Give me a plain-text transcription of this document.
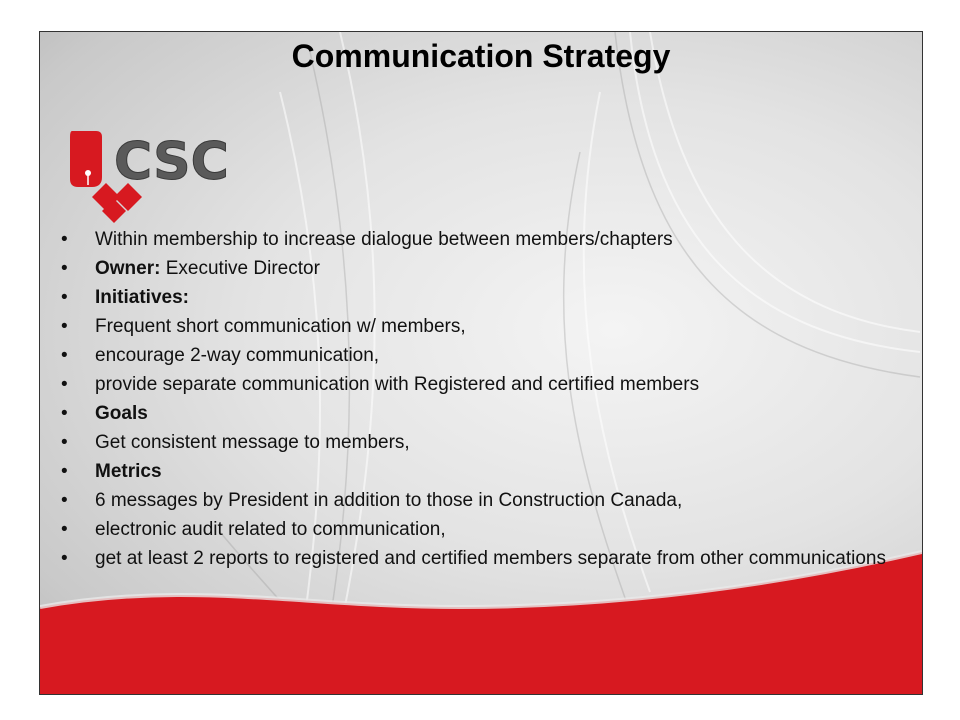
Communication Strategy
CSC
• Within membership to increase dialogue between members/chapters
• Owner: Executive Director
• Initiatives:
• Frequent short communication w/ members,
• encourage 2-way communication,
• provide separate communication with Registered and certified members
• Goals
• Get consistent message to members,
• Metrics
• 6 messages by President in addition to those in Construction Canada,
• electronic audit related to communication,
• get at least 2 reports to registered and certified members separate from other communications
